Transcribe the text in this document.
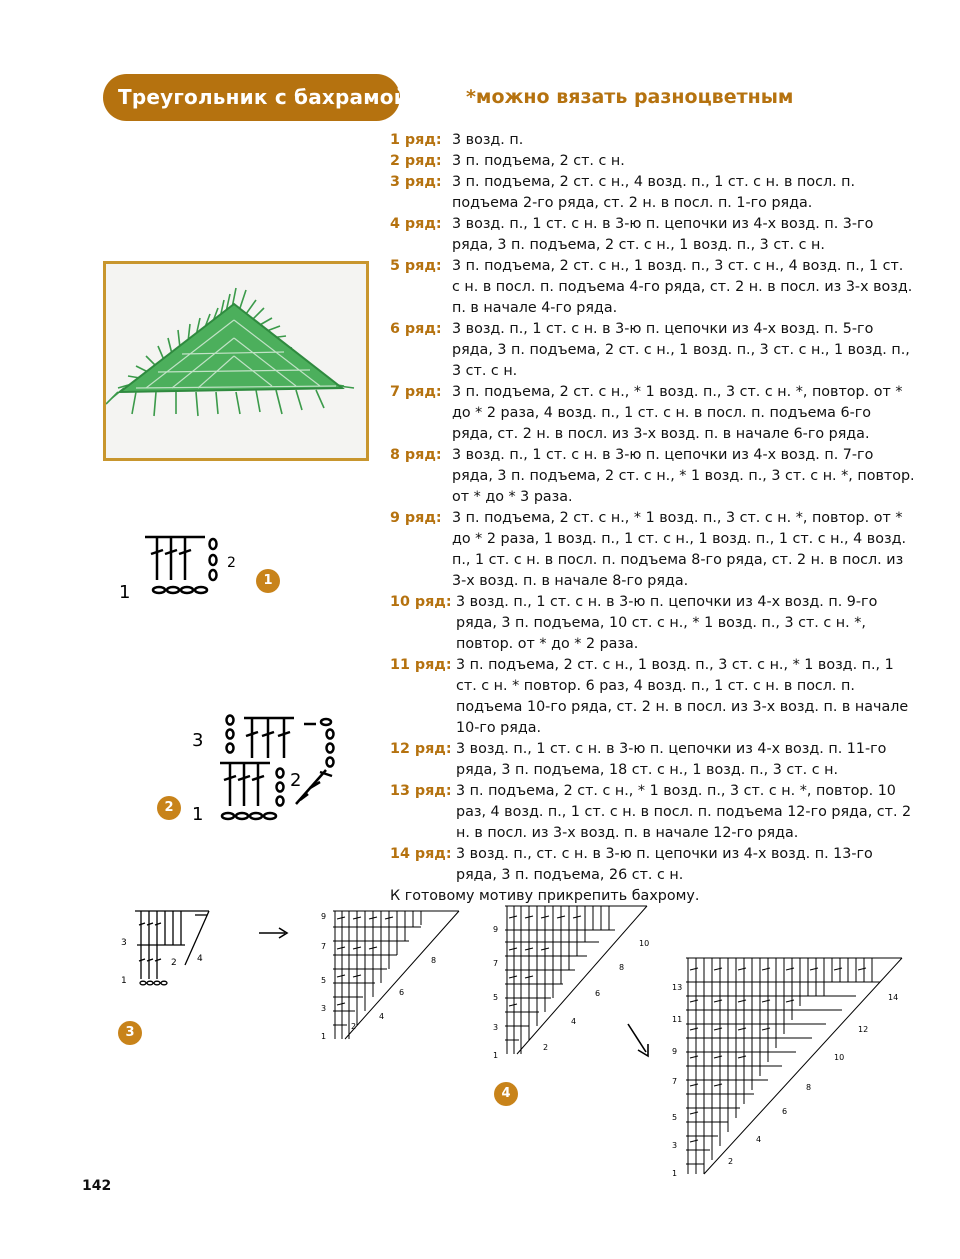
Треугольник с бахрамой	*можно вязать разноцветным
1 ряд: 3 возд. п.
2 ряд: 3 п. подъема, 2 ст. с н.
3 ряд: 3 п. подъема, 2 ст. с н., 4 возд. п., 1 ст. с н. в посл. п. подъема 2-го ряда, ст. 2 н. в посл. п. 1-го ряда.
4 ряд: 3 возд. п., 1 ст. с н. в 3-ю п. цепочки из 4-х возд. п. 3-го ряда, 3 п. подъема, 2 ст. с н., 1 возд. п., 3 ст. с н.
5 ряд: 3 п. подъема, 2 ст. с н., 1 возд. п., 3 ст. с н., 4 возд. п., 1 ст. с н. в посл. п. подъема 4-го ряда, ст. 2 н. в посл. из 3-х возд. п. в начале 4-го ряда.
6 ряд: 3 возд. п., 1 ст. с н. в 3-ю п. цепочки из 4-х возд. п. 5-го ряда, 3 п. подъема, 2 ст. с н., 1 возд. п., 3 ст. с н., 1 возд. п., 3 ст. с н.
7 ряд: 3 п. подъема, 2 ст. с н., * 1 возд. п., 3 ст. с н. *, повтор. от * до * 2 раза, 4 возд. п., 1 ст. с н. в посл. п. подъема 6-го ряда, ст. 2 н. в посл. из 3-х возд. п. в начале 6-го ряда.
8 ряд: 3 возд. п., 1 ст. с н. в 3-ю п. цепочки из 4-х возд. п. 7-го ряда, 3 п. подъема, 2 ст. с н., * 1 возд. п., 3 ст. с н. *, повтор. от * до * 3 раза.
9 ряд: 3 п. подъема, 2 ст. с н., * 1 возд. п., 3 ст. с н. *, повтор. от * до * 2 раза, 1 возд. п., 1 ст. с н., 1 возд. п., 1 ст. с н., 4 возд. п., 1 ст. с н. в посл. п. подъема 8-го ряда, ст. 2 н. в посл. из 3-х возд. п. в начале 8-го ряда.
10 ряд: 3 возд. п., 1 ст. с н. в 3-ю п. цепочки из 4-х возд. п. 9-го ряда, 3 п. подъема, 10 ст. с н., * 1 возд. п., 3 ст. с н. *, повтор. от * до * 2 раза.
11 ряд: 3 п. подъема, 2 ст. с н., 1 возд. п., 3 ст. с н., * 1 возд. п., 1 ст. с н. * повтор. 6 раз, 4 возд. п., 1 ст. с н. в посл. п. подъема 10-го ряда, ст. 2 н. в посл. из 3-х возд. п. в начале 10-го ряда.
12 ряд: 3 возд. п., 1 ст. с н. в 3-ю п. цепочки из 4-х возд. п. 11-го ряда, 3 п. подъема, 18 ст. с н., 1 возд. п., 3 ст. с н.
13 ряд: 3 п. подъема, 2 ст. с н., * 1 возд. п., 3 ст. с н. *, повтор. 10 раз, 4 возд. п., 1 ст. с н. в посл. п. подъема 12-го ряда, ст. 2 н. в посл. из 3-х возд. п. в начале 12-го ряда.
14 ряд: 3 возд. п., ст. с н. в 3-ю п. цепочки из 4-х возд. п. 13-го ряда, 3 п. подъема, 26 ст. с н.
К готовому мотиву прикрепить бахрому.
1
2
1
3
2
1
2
3
2 4
1
3
9
8
7
6
5
4
3
2
1
9
10
8
7
6
5
4
3
2
1
4
13
14
12
11
10
9
8
7
6
5
4
3
2
1
142
